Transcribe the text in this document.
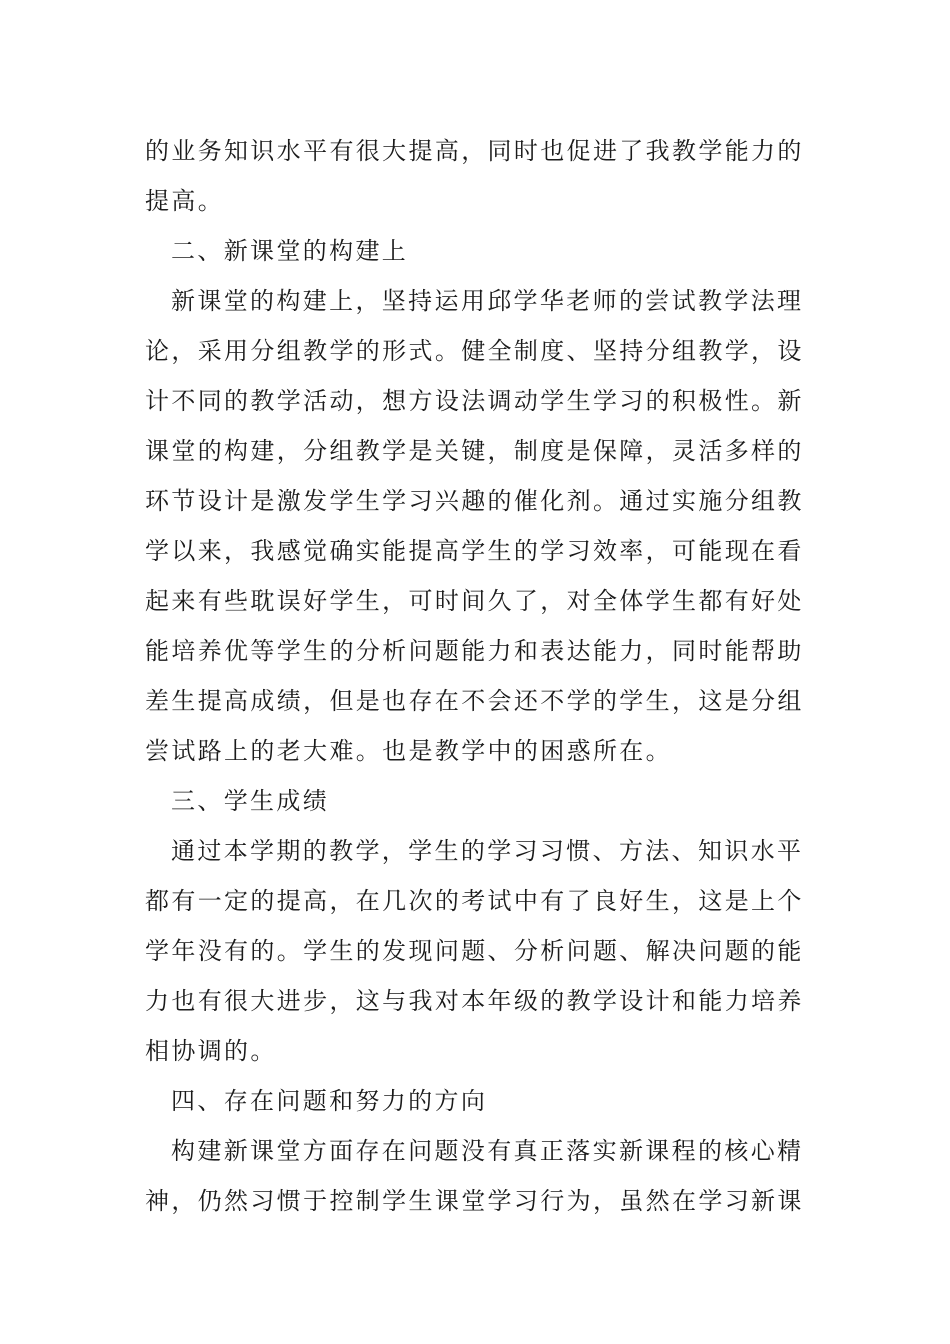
的业务知识水平有很大提高，同时也促进了我教学能力的
提高。
二、新课堂的构建上
新课堂的构建上，坚持运用邱学华老师的尝试教学法理
论，采用分组教学的形式。健全制度、坚持分组教学，设
计不同的教学活动，想方设法调动学生学习的积极性。新
课堂的构建，分组教学是关键，制度是保障，灵活多样的
环节设计是激发学生学习兴趣的催化剂。通过实施分组教
学以来，我感觉确实能提高学生的学习效率，可能现在看
起来有些耽误好学生，可时间久了，对全体学生都有好处
能培养优等学生的分析问题能力和表达能力，同时能帮助
差生提高成绩，但是也存在不会还不学的学生，这是分组
尝试路上的老大难。也是教学中的困惑所在。
三、学生成绩
通过本学期的教学，学生的学习习惯、方法、知识水平
都有一定的提高，在几次的考试中有了良好生，这是上个
学年没有的。学生的发现问题、分析问题、解决问题的能
力也有很大进步，这与我对本年级的教学设计和能力培养
相协调的。
四、存在问题和努力的方向
构建新课堂方面存在问题没有真正落实新课程的核心精
神，仍然习惯于控制学生课堂学习行为，虽然在学习新课
